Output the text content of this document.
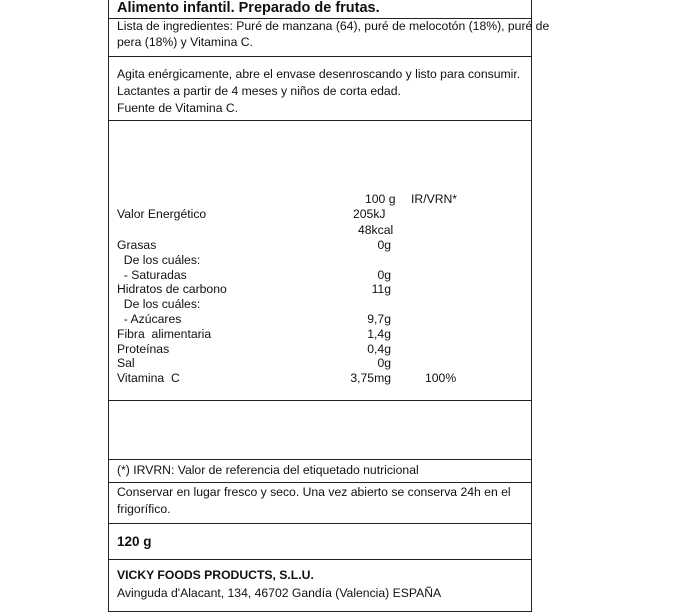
Alimento infantil. Preparado de frutas.
Lista de ingredientes: Puré de manzana (64), puré de melocotón (18%), puré de
pera (18%) y Vitamina C.
Agita enérgicamente, abre el envase desenroscando y listo para consumir.
Lactantes a partir de 4 meses y niños de corta edad.
Fuente de Vitamina C.
100 g IR/VRN*
Valor Energético	205kJ
48kcal
Grasas	0g
De los cuáles:
- Saturadas	0g
Hidratos de carbono	11g
De los cuáles:
- Azúcares	9,7g
Fibra  alimentaria	1,4g
Proteínas	0,4g
Sal	0g
Vitamina  C	3,75mg	100%
(*) IRVRN: Valor de referencia del etiquetado nutricional
Conservar en lugar fresco y seco. Una vez abierto se conserva 24h en el
frigorífico.
120 g
VICKY FOODS PRODUCTS, S.L.U.
Avinguda d'Alacant, 134, 46702 Gandía (Valencia) ESPAÑA
